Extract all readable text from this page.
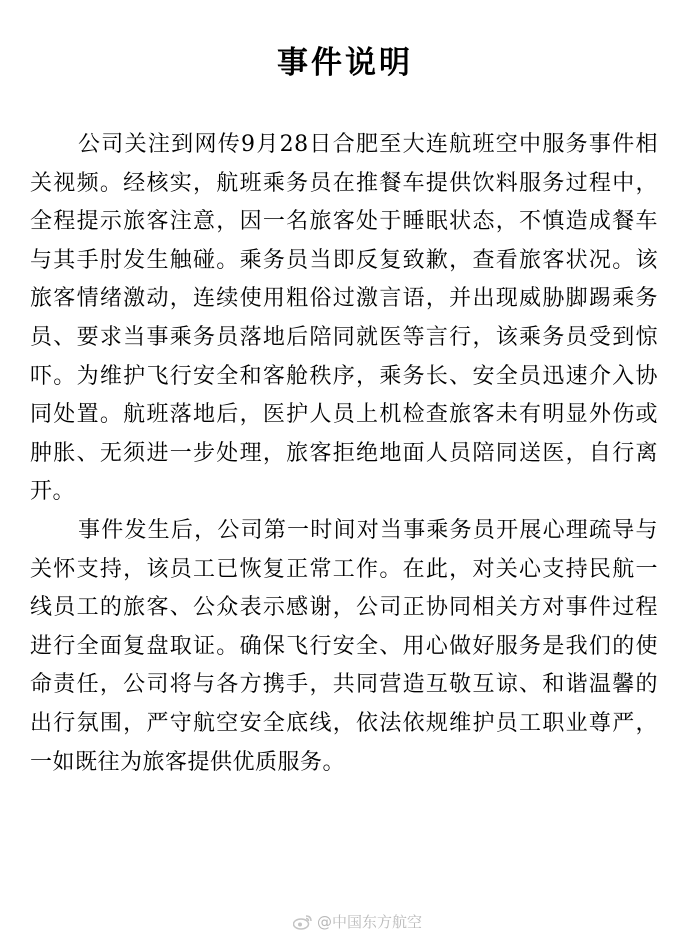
事件说明

公司关注到网传9月28日合肥至大连航班空中服务事件相关视频。经核实，航班乘务员在推餐车提供饮料服务过程中，全程提示旅客注意，因一名旅客处于睡眠状态，不慎造成餐车与其手肘发生触碰。乘务员当即反复致歉，查看旅客状况。该旅客情绪激动，连续使用粗俗过激言语，并出现威胁脚踢乘务员、要求当事乘务员落地后陪同就医等言行，该乘务员受到惊吓。为维护飞行安全和客舱秩序，乘务长、安全员迅速介入协同处置。航班落地后，医护人员上机检查旅客未有明显外伤或肿胀、无须进一步处理，旅客拒绝地面人员陪同送医，自行离开。

事件发生后，公司第一时间对当事乘务员开展心理疏导与关怀支持，该员工已恢复正常工作。在此，对关心支持民航一线员工的旅客、公众表示感谢，公司正协同相关方对事件过程进行全面复盘取证。确保飞行安全、用心做好服务是我们的使命责任，公司将与各方携手，共同营造互敬互谅、和谐温馨的出行氛围，严守航空安全底线，依法依规维护员工职业尊严，一如既往为旅客提供优质服务。

@中国东方航空
